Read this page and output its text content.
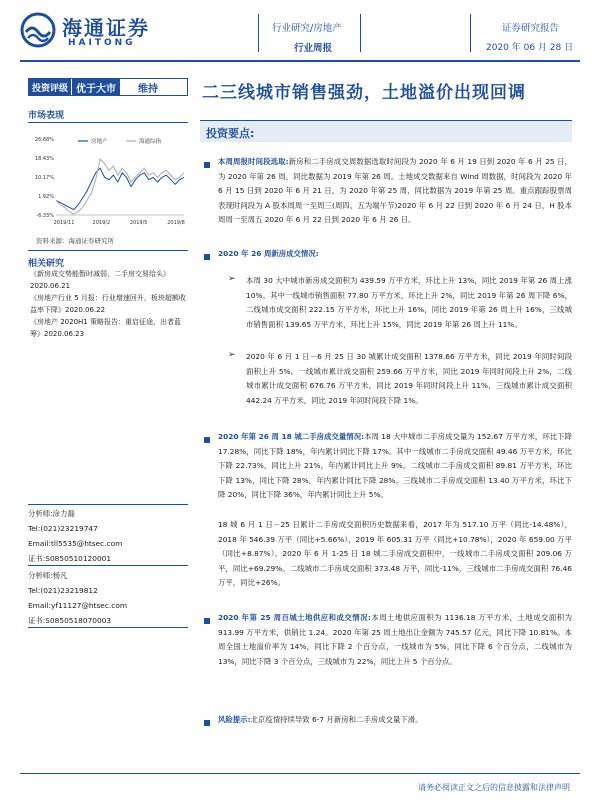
海通证券
HAITONG
行业研究/房地产
行业周报
证券研究报告
2020 年 06 月 28 日
投资评级 优于大市	维持
市场表现
26.68%
18.43%
10.17%
1.92%
-6.33%
2019/11	2019/2	2019/5	2019/8
房地产	海通综指
资料来源：海通证券研究所
相关研究
《新房成交势能暂时减弱，二手房交易给头》2020.06.21
《房地产行业 5 月报：行业增速回升，板块超额收益率下降》2020.06.22
《房地产 2020H1 策略报告：重启征途，出者蓝筹》2020.06.23
分析师:涂力磊
Tel:(021)23219747
Email:tll5535@htsec.com
证书:S0850510120001
分析师:杨凡
Tel:(021)23219812
Email:yf11127@htsec.com
证书:S0850518070003
二三线城市销售强劲，土地溢价出现回调
投资要点:
本周周报时间段选取:新房和二手房成交周数据选取时间段为 2020 年 6 月 19 日到 2020 年 6 月 25 日，为 2020 年第 26 周，同比数据为 2019 年第 26 周。土地成交数据来自 Wind 周数据，时间段为 2020 年 6 月 15 日到 2020 年 6 月 21 日，为 2020 年第 25 周，同比数据为 2019 年第 25 周。重点跟踪股票周表现时间段为 A 股本周周一至周三(周四、五为端午节)2020 年 6 月 22 日到 2020 年 6 月 24 日，H 股本周周一至周五 2020 年 6 月 22 日到 2020 年 6 月 26 日。
2020 年 26 周新房成交情况:
➢ 本周 30 大中城市新房成交面积为 439.59 万平方米，环比上升 13%，同比 2019 年第 26 周上涨 10%。其中一线城市销售面积 77.80 万平方米，环比上升 2%，同比 2019 年第 26 周下降 6%，二线城市成交面积 222.15 万平方米，环比上升 16%，同比 2019 年第 26 周上升 16%，三线城市销售面积 139.65 万平方米，环比上升 15%，同比 2019 年第 26 周上升 11%。
➢ 2020 年 6 月 1 日－6 月 25 日 30 城累计成交面积 1378.66 万平方米，同比 2019 年同时间段面积上升 5%。一线城市累计成交面积 259.66 万平方米，同比 2019 年同时间段上升 2%，二线城市累计成交面积 676.76 万平方米，同比 2019 年同时间段上升 11%，三线城市累计成交面积 442.24 万平方米，同比 2019 年同时间段下降 1%。
2020 年第 26 周 18 城二手房成交量情况:本周 18 大中城市二手房成交量为 152.67 万平方米，环比下降 17.28%，同比下降 18%，年内累计同比下降 17%。其中一线城市二手房成交面积 49.46 万平方米，环比下降 22.73%，同比上升 21%，年内累计同比上升 9%。二线城市二手房成交面积 89.81 万平方米，环比下降 13%，同比下降 28%，年内累计同比下降 28%。三线城市二手房成交面积 13.40 万平方米，环比下降 20%，同比下降 36%，年内累计同比上升 5%。
18 城 6 月 1 日－25 日累计二手房成交面积历史数据来看，2017 年为 517.10 万平（同比-14.48%），2018 年 546.39 万平（同比+5.66%），2019 年 605.31 万平（同比+10.78%），2020 年 659.00 万平（同比+8.87%）。2020 年 6 月 1-25 日 18 城二手房成交面积中，一线城市二手房成交面积 209.06 万平，同比+69.29%。二线城市二手房成交面积 373.48 万平，同比-11%，三线城市二手房成交面积 76.46 万平，同比+26%。
2020 年第 25 周百城土地供应和成交情况:本周土地供应面积为 1136.18 万平方米，土地成交面积为 913.99 万平方米，供销比 1.24。2020 年第 25 周土地出让金额为 745.57 亿元，同比下降 10.81%。本周全国土地溢价率为 14%，同比下降 2 个百分点，一线城市为 5%，同比下降 6 个百分点，二线城市为 13%，同比下降 3 个百分点，三线城市为 22%，同比上升 5 个百分点。
风险提示:北京疫情持续导致 6-7 月新房和二手房成交量下滑。
请务必阅读正文之后的信息披露和法律声明
